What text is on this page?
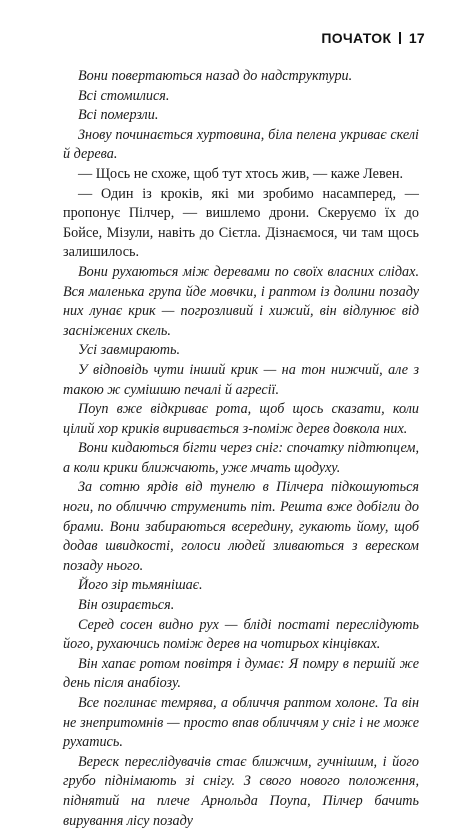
ПОЧАТОК 17

Вони повертаються назад до надструктури.

Всі стомилися.

Всі померзли.

Знову починається хуртовина, біла пелена укриває скелі й дерева.

— Щось не схоже, щоб тут хтось жив, — каже Левен.

— Один із кроків, які ми зробимо насамперед, — пропонує Пілчер, — вишлемо дрони. Скеруємо їх до Бойсе, Мізули, навіть до Сієтла. Дізнаємося, чи там щось залишилось.

Вони рухаються між деревами по своїх власних слідах. Вся маленька група йде мовчки, і раптом із долини позаду них лунає крик — погрозливий і хижий, він відлунює від засніжених скель.

Усі завмирають.

У відповідь чути інший крик — на тон нижчий, але з такою ж сумішшю печалі й агресії.

Поуп вже відкриває рота, щоб щось сказати, коли цілий хор криків виривається з-поміж дерев довкола них.

Вони кидаються бігти через сніг: спочатку підтюпцем, а коли крики ближчають, уже мчать щодуху.

За сотню ярдів від тунелю в Пілчера підкошуються ноги, по обличчю струменить піт. Решта вже добігли до брами. Вони забираються всередину, гукають йому, щоб додав швидкості, голоси людей зливаються з вереском позаду нього.

Його зір тьмянішає.

Він озирається.

Серед сосен видно рух — бліді постаті переслідують його, рухаючись поміж дерев на чотирьох кінцівках.

Він хапає ротом повітря і думає: Я помру в першій же день після анабіозу.

Все поглинає темрява, а обличчя раптом холоне. Та він не знепритомнів — просто впав обличчям у сніг і не може рухатись.

Вереск переслідувачів стає ближчим, гучнішим, і його грубо піднімають зі снігу. З свого нового положення, піднятий на плече Арнольда Поупа, Пілчер бачить вирування лісу позаду
